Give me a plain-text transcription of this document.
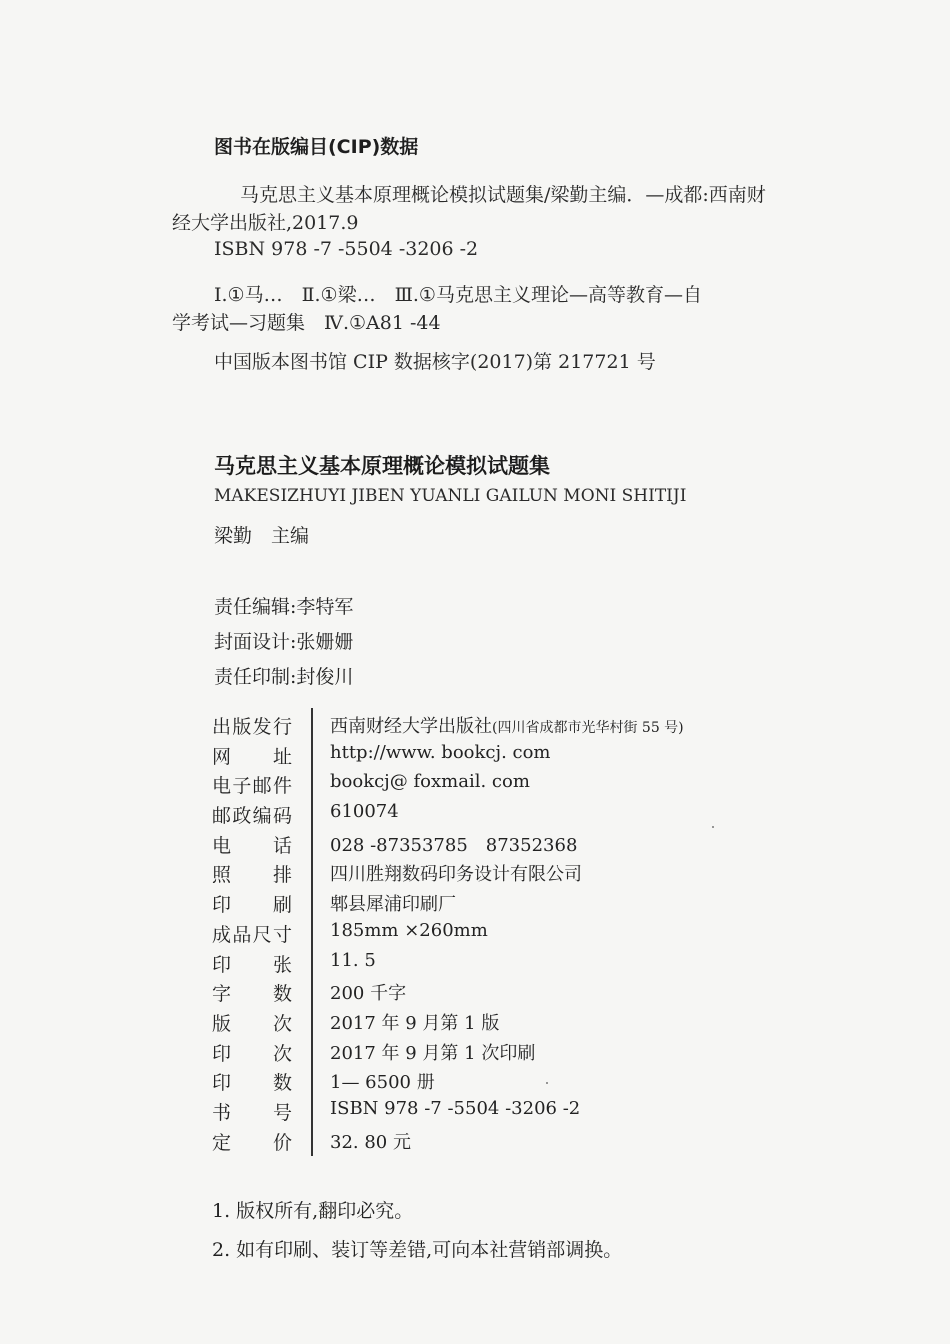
图书在版编目(CIP)数据
马克思主义基本原理概论模拟试题集/梁勤主编．—成都:西南财
经大学出版社,2017.9
ISBN 978 -7 -5504 -3206 -2
Ⅰ.①马…　Ⅱ.①梁…　Ⅲ.①马克思主义理论—高等教育—自
学考试—习题集　Ⅳ.①A81 -44
中国版本图书馆 CIP 数据核字(2017)第 217721 号
马克思主义基本原理概论模拟试题集
MAKESIZHUYI JIBEN YUANLI GAILUN MONI SHITIJI
梁勤　主编
责任编辑:李特军
封面设计:张姗姗
责任印制:封俊川
出 版 发 行 西南财经大学出版社(四川省成都市光华村街 55 号)
网 址 http://www. bookcj. com
电 子 邮 件 bookcj@ foxmail. com
邮 政 编 码 610074
电 话 028 -87353785　87352368
照 排 四川胜翔数码印务设计有限公司
印 刷 郫县犀浦印刷厂
成 品 尺 寸 185mm ×260mm
印 张 11. 5
字 数 200 千字
版 次 2017 年 9 月第 1 版
印 次 2017 年 9 月第 1 次印刷
印 数 1— 6500 册
书 号 ISBN 978 -7 -5504 -3206 -2
定 价 32. 80 元
1. 版权所有,翻印必究。
2. 如有印刷、装订等差错,可向本社营销部调换。
